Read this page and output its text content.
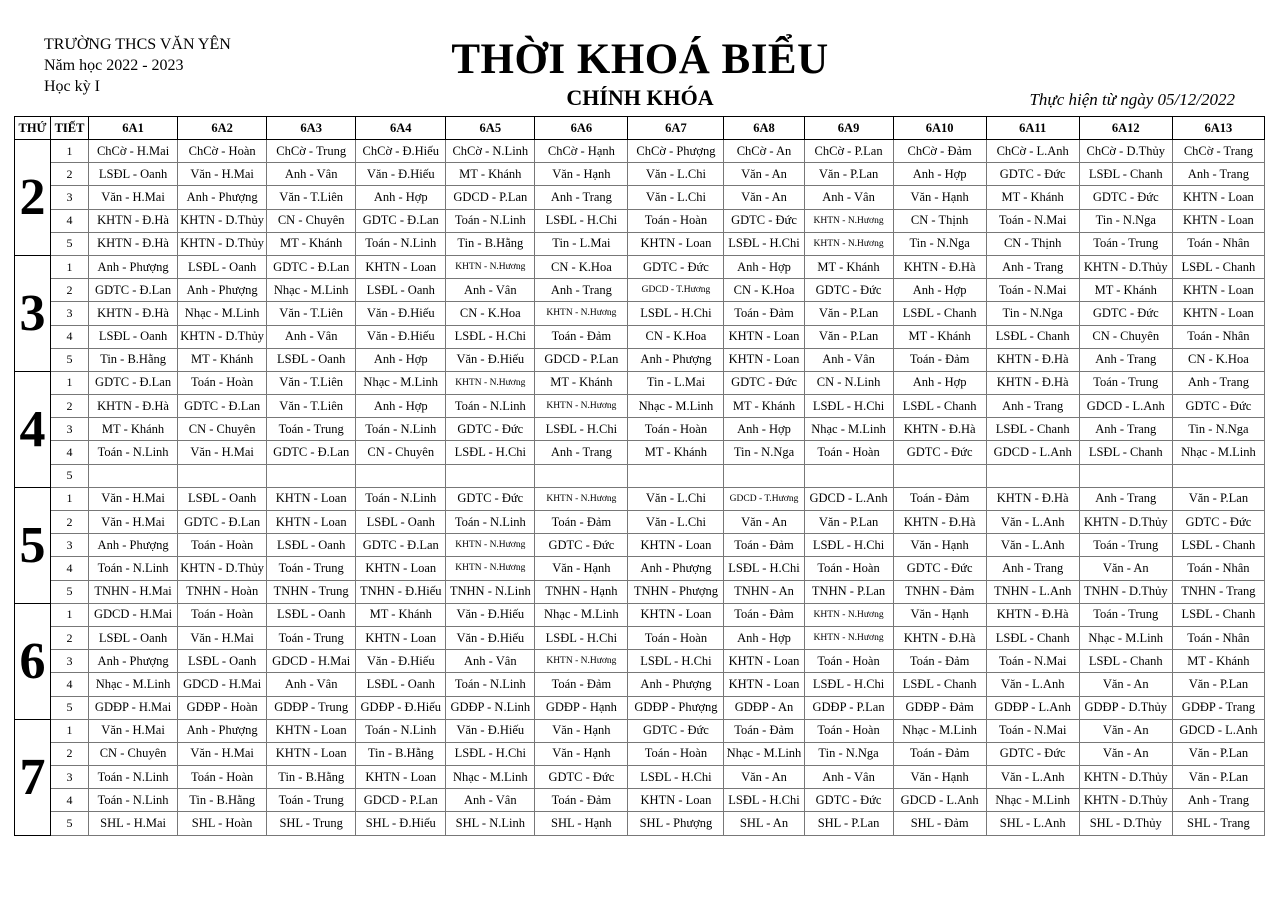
TRƯỜNG THCS VĂN YÊN
Năm học 2022 - 2023
Học kỳ I
THỜI KHOÁ BIỂU
CHÍNH KHÓA	Thực hiện từ ngày 05/12/2022
THỨ	TIẾT	6A1	6A2	6A3	6A4	6A5	6A6	6A7	6A8	6A9	6A10	6A11	6A12	6A13
2	1	ChCờ - H.Mai	ChCờ - Hoàn	ChCờ - Trung	ChCờ - Đ.Hiếu	ChCờ - N.Linh	ChCờ - Hạnh	ChCờ - Phượng	ChCờ - An	ChCờ - P.Lan	ChCờ - Đảm	ChCờ - L.Anh	ChCờ - D.Thủy	ChCờ - Trang
	2	LSĐL - Oanh	Văn - H.Mai	Anh - Vân	Văn - Đ.Hiếu	MT - Khánh	Văn - Hạnh	Văn - L.Chi	Văn - An	Văn - P.Lan	Anh - Hợp	GDTC - Đức	LSĐL - Chanh	Anh - Trang
	3	Văn - H.Mai	Anh - Phượng	Văn - T.Liên	Anh - Hợp	GDCD - P.Lan	Anh - Trang	Văn - L.Chi	Văn - An	Anh - Vân	Văn - Hạnh	MT - Khánh	GDTC - Đức	KHTN - Loan
	4	KHTN - Đ.Hà	KHTN - D.Thủy	CN - Chuyên	GDTC - Đ.Lan	Toán - N.Linh	LSĐL - H.Chi	Toán - Hoàn	GDTC - Đức	KHTN - N.Hương	CN - Thịnh	Toán - N.Mai	Tin - N.Nga	KHTN - Loan
	5	KHTN - Đ.Hà	KHTN - D.Thủy	MT - Khánh	Toán - N.Linh	Tin - B.Hằng	Tin - L.Mai	KHTN - Loan	LSĐL - H.Chi	KHTN - N.Hương	Tin - N.Nga	CN - Thịnh	Toán - Trung	Toán - Nhân
3	1	Anh - Phượng	LSĐL - Oanh	GDTC - Đ.Lan	KHTN - Loan	KHTN - N.Hương	CN - K.Hoa	GDTC - Đức	Anh - Hợp	MT - Khánh	KHTN - Đ.Hà	Anh - Trang	KHTN - D.Thủy	LSĐL - Chanh
	2	GDTC - Đ.Lan	Anh - Phượng	Nhạc - M.Linh	LSĐL - Oanh	Anh - Vân	Anh - Trang	GDCD - T.Hương	CN - K.Hoa	GDTC - Đức	Anh - Hợp	Toán - N.Mai	MT - Khánh	KHTN - Loan
	3	KHTN - Đ.Hà	Nhạc - M.Linh	Văn - T.Liên	Văn - Đ.Hiếu	CN - K.Hoa	KHTN - N.Hương	LSĐL - H.Chi	Toán - Đảm	Văn - P.Lan	LSĐL - Chanh	Tin - N.Nga	GDTC - Đức	KHTN - Loan
	4	LSĐL - Oanh	KHTN - D.Thủy	Anh - Vân	Văn - Đ.Hiếu	LSĐL - H.Chi	Toán - Đảm	CN - K.Hoa	KHTN - Loan	Văn - P.Lan	MT - Khánh	LSĐL - Chanh	CN - Chuyên	Toán - Nhân
	5	Tin - B.Hằng	MT - Khánh	LSĐL - Oanh	Anh - Hợp	Văn - Đ.Hiếu	GDCD - P.Lan	Anh - Phượng	KHTN - Loan	Anh - Vân	Toán - Đảm	KHTN - Đ.Hà	Anh - Trang	CN - K.Hoa
4	1	GDTC - Đ.Lan	Toán - Hoàn	Văn - T.Liên	Nhạc - M.Linh	KHTN - N.Hương	MT - Khánh	Tin - L.Mai	GDTC - Đức	CN - N.Linh	Anh - Hợp	KHTN - Đ.Hà	Toán - Trung	Anh - Trang
	2	KHTN - Đ.Hà	GDTC - Đ.Lan	Văn - T.Liên	Anh - Hợp	Toán - N.Linh	KHTN - N.Hương	Nhạc - M.Linh	MT - Khánh	LSĐL - H.Chi	LSĐL - Chanh	Anh - Trang	GDCD - L.Anh	GDTC - Đức
	3	MT - Khánh	CN - Chuyên	Toán - Trung	Toán - N.Linh	GDTC - Đức	LSĐL - H.Chi	Toán - Hoàn	Anh - Hợp	Nhạc - M.Linh	KHTN - Đ.Hà	LSĐL - Chanh	Anh - Trang	Tin - N.Nga
	4	Toán - N.Linh	Văn - H.Mai	GDTC - Đ.Lan	CN - Chuyên	LSĐL - H.Chi	Anh - Trang	MT - Khánh	Tin - N.Nga	Toán - Hoàn	GDTC - Đức	GDCD - L.Anh	LSĐL - Chanh	Nhạc - M.Linh
	5													
5	1	Văn - H.Mai	LSĐL - Oanh	KHTN - Loan	Toán - N.Linh	GDTC - Đức	KHTN - N.Hương	Văn - L.Chi	GDCD - T.Hương	GDCD - L.Anh	Toán - Đảm	KHTN - Đ.Hà	Anh - Trang	Văn - P.Lan
	2	Văn - H.Mai	GDTC - Đ.Lan	KHTN - Loan	LSĐL - Oanh	Toán - N.Linh	Toán - Đảm	Văn - L.Chi	Văn - An	Văn - P.Lan	KHTN - Đ.Hà	Văn - L.Anh	KHTN - D.Thủy	GDTC - Đức
	3	Anh - Phượng	Toán - Hoàn	LSĐL - Oanh	GDTC - Đ.Lan	KHTN - N.Hương	GDTC - Đức	KHTN - Loan	Toán - Đảm	LSĐL - H.Chi	Văn - Hạnh	Văn - L.Anh	Toán - Trung	LSĐL - Chanh
	4	Toán - N.Linh	KHTN - D.Thủy	Toán - Trung	KHTN - Loan	KHTN - N.Hương	Văn - Hạnh	Anh - Phượng	LSĐL - H.Chi	Toán - Hoàn	GDTC - Đức	Anh - Trang	Văn - An	Toán - Nhân
	5	TNHN - H.Mai	TNHN - Hoàn	TNHN - Trung	TNHN - Đ.Hiếu	TNHN - N.Linh	TNHN - Hạnh	TNHN - Phượng	TNHN - An	TNHN - P.Lan	TNHN - Đảm	TNHN - L.Anh	TNHN - D.Thủy	TNHN - Trang
6	1	GDCD - H.Mai	Toán - Hoàn	LSĐL - Oanh	MT - Khánh	Văn - Đ.Hiếu	Nhạc - M.Linh	KHTN - Loan	Toán - Đảm	KHTN - N.Hương	Văn - Hạnh	KHTN - Đ.Hà	Toán - Trung	LSĐL - Chanh
	2	LSĐL - Oanh	Văn - H.Mai	Toán - Trung	KHTN - Loan	Văn - Đ.Hiếu	LSĐL - H.Chi	Toán - Hoàn	Anh - Hợp	KHTN - N.Hương	KHTN - Đ.Hà	LSĐL - Chanh	Nhạc - M.Linh	Toán - Nhân
	3	Anh - Phượng	LSĐL - Oanh	GDCD - H.Mai	Văn - Đ.Hiếu	Anh - Vân	KHTN - N.Hương	LSĐL - H.Chi	KHTN - Loan	Toán - Hoàn	Toán - Đảm	Toán - N.Mai	LSĐL - Chanh	MT - Khánh
	4	Nhạc - M.Linh	GDCD - H.Mai	Anh - Vân	LSĐL - Oanh	Toán - N.Linh	Toán - Đảm	Anh - Phượng	KHTN - Loan	LSĐL - H.Chi	LSĐL - Chanh	Văn - L.Anh	Văn - An	Văn - P.Lan
	5	GDĐP - H.Mai	GDĐP - Hoàn	GDĐP - Trung	GDĐP - Đ.Hiếu	GDĐP - N.Linh	GDĐP - Hạnh	GDĐP - Phượng	GDĐP - An	GDĐP - P.Lan	GDĐP - Đảm	GDĐP - L.Anh	GDĐP - D.Thủy	GDĐP - Trang
7	1	Văn - H.Mai	Anh - Phượng	KHTN - Loan	Toán - N.Linh	Văn - Đ.Hiếu	Văn - Hạnh	GDTC - Đức	Toán - Đảm	Toán - Hoàn	Nhạc - M.Linh	Toán - N.Mai	Văn - An	GDCD - L.Anh
	2	CN - Chuyên	Văn - H.Mai	KHTN - Loan	Tin - B.Hằng	LSĐL - H.Chi	Văn - Hạnh	Toán - Hoàn	Nhạc - M.Linh	Tin - N.Nga	Toán - Đảm	GDTC - Đức	Văn - An	Văn - P.Lan
	3	Toán - N.Linh	Toán - Hoàn	Tin - B.Hằng	KHTN - Loan	Nhạc - M.Linh	GDTC - Đức	LSĐL - H.Chi	Văn - An	Anh - Vân	Văn - Hạnh	Văn - L.Anh	KHTN - D.Thủy	Văn - P.Lan
	4	Toán - N.Linh	Tin - B.Hằng	Toán - Trung	GDCD - P.Lan	Anh - Vân	Toán - Đảm	KHTN - Loan	LSĐL - H.Chi	GDTC - Đức	GDCD - L.Anh	Nhạc - M.Linh	KHTN - D.Thủy	Anh - Trang
	5	SHL - H.Mai	SHL - Hoàn	SHL - Trung	SHL - Đ.Hiếu	SHL - N.Linh	SHL - Hạnh	SHL - Phượng	SHL - An	SHL - P.Lan	SHL - Đảm	SHL - L.Anh	SHL - D.Thủy	SHL - Trang
